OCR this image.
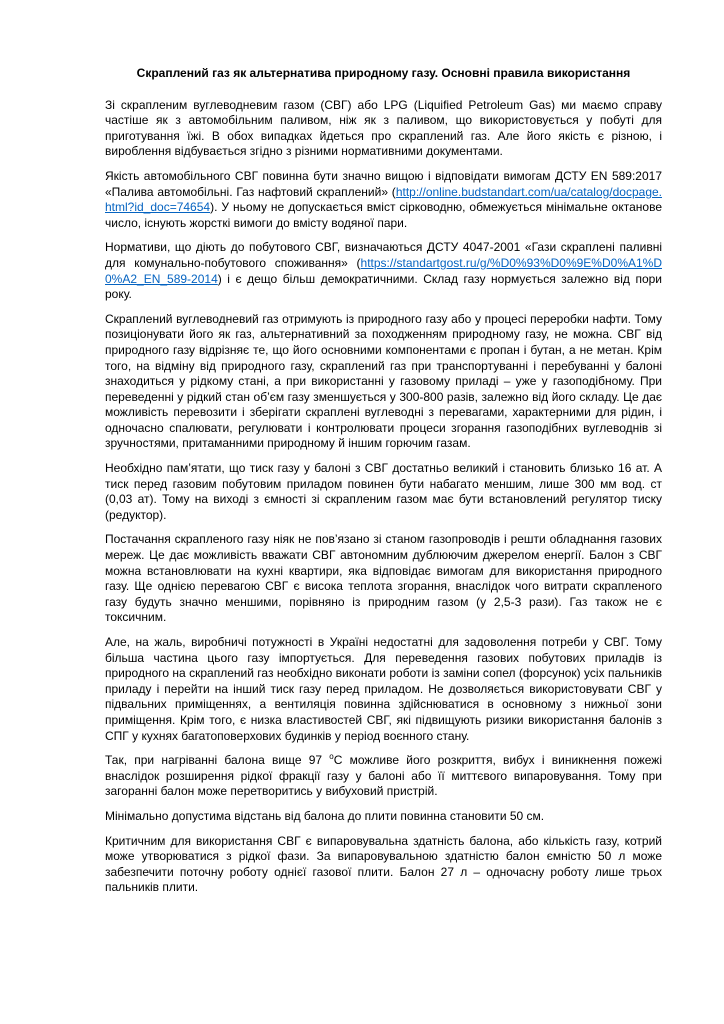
Скраплений газ як альтернатива природному газу. Основні правила використання

Зі скрапленим вуглеводневим газом (СВГ) або LPG (Liquified Petroleum Gas) ми маємо справу частіше як з автомобільним паливом, ніж як з паливом, що використовується у побуті для приготування їжі. В обох випадках йдеться про скраплений газ. Але його якість є різною, і вироблення відбувається згідно з різними нормативними документами.

Якість автомобільного СВГ повинна бути значно вищою і відповідати вимогам ДСТУ EN 589:2017 «Палива автомобільні. Газ нафтовий скраплений» (http://online.budstandart.com/ua/catalog/docpage.html?id_doc=74654). У ньому не допускається вміст сірководню, обмежується мінімальне октанове число, існують жорсткі вимоги до вмісту водяної пари.

Нормативи, що діють до побутового СВГ, визначаються ДСТУ 4047-2001 «Гази скраплені паливні для комунально-побутового споживання» (https://standartgost.ru/g/%D0%93%D0%9E%D0%A1%D0%A2_EN_589-2014) і є дещо більш демократичними. Склад газу нормується залежно від пори року.

Скраплений вуглеводневий газ отримують із природного газу або у процесі переробки нафти. Тому позиціонувати його як газ, альтернативний за походженням природному газу, не можна. СВГ від природного газу відрізняє те, що його основними компонентами є пропан і бутан, а не метан. Крім того, на відміну від природного газу, скраплений газ при транспортуванні і перебуванні у балоні знаходиться у рідкому стані, а при використанні у газовому приладі – уже у газоподібному. При переведенні у рідкий стан об’єм газу зменшується у 300-800 разів, залежно від його складу. Це дає можливість перевозити і зберігати скраплені вуглеводні з перевагами, характерними для рідин, і одночасно спалювати, регулювати і контролювати процеси згорання газоподібних вуглеводнів зі зручностями, притаманними природному й іншим горючим газам.

Необхідно пам’ятати, що тиск газу у балоні з СВГ достатньо великий і становить близько 16 ат. А тиск перед газовим побутовим приладом повинен бути набагато меншим, лише 300 мм вод. ст (0,03 ат). Тому на виході з ємності зі скрапленим газом має бути встановлений регулятор тиску (редуктор).

Постачання скрапленого газу ніяк не пов’язано зі станом газопроводів і решти обладнання газових мереж. Це дає можливість вважати СВГ автономним дублюючим джерелом енергії. Балон з СВГ можна встановлювати на кухні квартири, яка відповідає вимогам для використання природного газу. Ще однією перевагою СВГ є висока теплота згорання, внаслідок чого витрати скрапленого газу будуть значно меншими, порівняно із природним газом (у 2,5-3 рази). Газ також не є токсичним.

Але, на жаль, виробничі потужності в Україні недостатні для задоволення потреби у СВГ. Тому більша частина цього газу імпортується. Для переведення газових побутових приладів із природного на скраплений газ необхідно виконати роботи із заміни сопел (форсунок) усіх пальників приладу і перейти на інший тиск газу перед приладом. Не дозволяється використовувати СВГ у підвальних приміщеннях, а вентиляція повинна здійснюватися в основному з нижньої зони приміщення. Крім того, є низка властивостей СВГ, які підвищують ризики використання балонів з СПГ у кухнях багатоповерхових будинків у період воєнного стану.

Так, при нагріванні балона вище 97 $^о$С можливе його розкриття, вибух і виникнення пожежі внаслідок розширення рідкої фракції газу у балоні або її миттєвого випаровування. Тому при загоранні балон може перетворитись у вибуховий пристрій.

Мінімально допустима відстань від балона до плити повинна становити 50 см.

Критичним для використання СВГ є випаровувальна здатність балона, або кількість газу, котрий може утворюватися з рідкої фази. За випаровувальною здатністю балон ємністю 50 л може забезпечити поточну роботу однієї газової плити. Балон 27 л – одночасну роботу лише трьох пальників плити.
